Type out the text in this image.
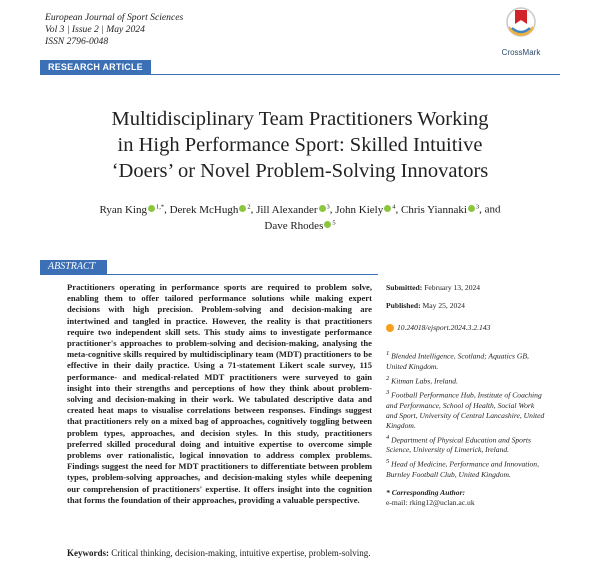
European Journal of Sport Sciences
Vol 3 | Issue 2 | May 2024
ISSN 2796-0048
CrossMark
RESEARCH ARTICLE
Multidisciplinary Team Practitioners Working
in High Performance Sport: Skilled Intuitive
‘Doers’ or Novel Problem-Solving Innovators
Ryan King $^{1,*}$, Derek McHugh $^2$, Jill Alexander $^3$, John Kiely $^4$, Chris Yiannaki $^3$, and Dave Rhodes $^5$
ABSTRACT
Practitioners operating in performance sports are required to problem solve, enabling them to offer tailored performance solutions while making expert decisions with high precision. Problem-solving and decision-making are intertwined and tangled in practice. However, the reality is that practitioners require two independent skill sets. This study aims to investigate performance practitioner's approaches to problem-solving and decision-making, analysing the meta-cognitive skills required by multidisciplinary team (MDT) practitioners to be effective in their daily practice. Using a 71-statement Likert scale survey, 115 performance- and medical-related MDT practitioners were surveyed to gain insight into their strengths and perceptions of how they think about problem-solving and decision-making in their work. We tabulated descriptive data and created heat maps to visualise correlations between responses. Findings suggest that practitioners rely on a mixed bag of approaches, cognitively toggling between problem types, approaches, and decision styles. In this study, practitioners preferred skilled procedural doing and intuitive expertise to overcome simple problems over rationalistic, logical innovation to address complex problems. Findings suggest the need for MDT practitioners to differentiate between problem types, problem-solving approaches, and decision-making styles while deepening our comprehension of practitioners' expertise. It offers insight into the cognition that forms the foundation of their approaches, providing a valuable perspective.
Keywords: Critical thinking, decision-making, intuitive expertise, problem-solving.
Submitted: February 13, 2024
Published: May 25, 2024
10.24018/ejsport.2024.3.2.143

$^1$ Blended Intelligence, Scotland; Aquatics GB, United Kingdom.

$^2$ Kitman Labs, Ireland.

$^3$ Football Performance Hub, Institute of Coaching and Performance, School of Health, Social Work and Sport, University of Central Lancashire, United Kingdom.

$^4$ Department of Physical Education and Sports Science, University of Limerick, Ireland.

$^5$ Head of Medicine, Performance and Innovation, Burnley Football Club, United Kingdom.

* Corresponding Author:
e-mail: rking12@uclan.ac.uk
